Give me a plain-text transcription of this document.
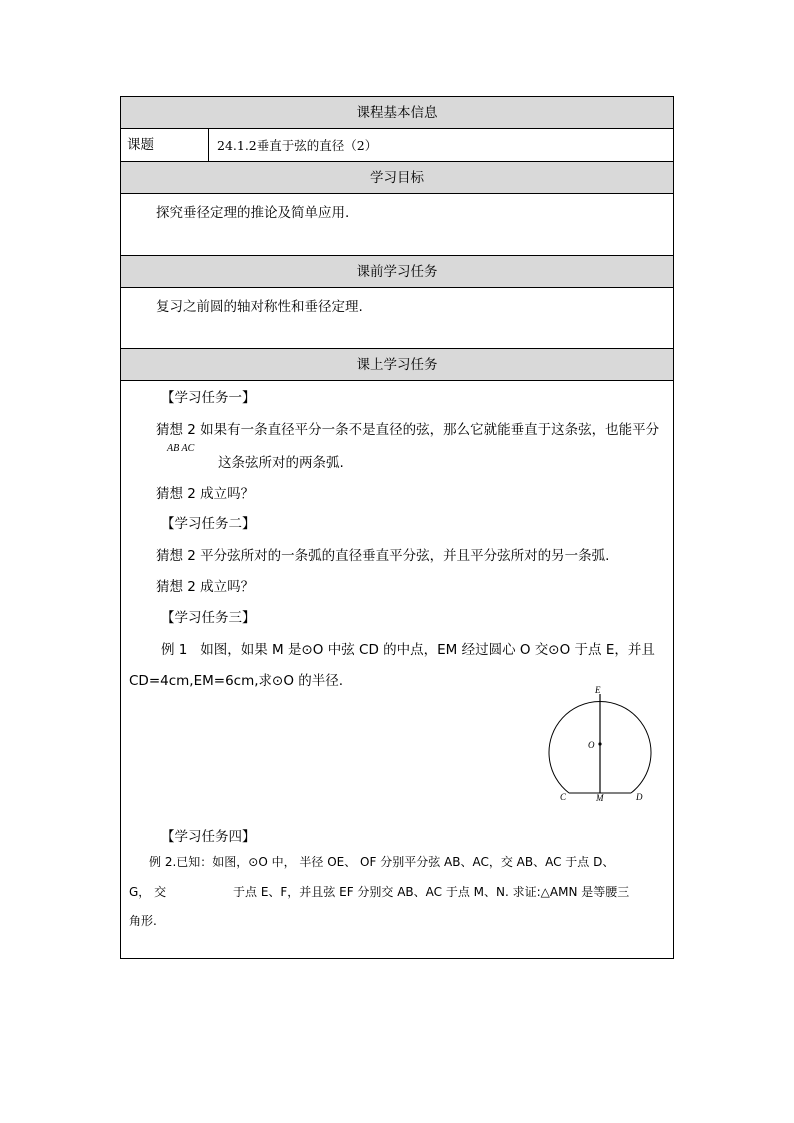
课程基本信息
课题	24.1.2垂直于弦的直径（2）
学习目标
探究垂径定理的推论及简单应用.
课前学习任务
复习之前圆的轴对称性和垂径定理.
课上学习任务
【学习任务一】
猜想 2 如果有一条直径平分一条不是直径的弦，那么它就能垂直于这条弦，也能平分
AB AC
这条弦所对的两条弧.
猜想 2 成立吗？
【学习任务二】
猜想 2 平分弦所对的一条弧的直径垂直平分弦，并且平分弦所对的另一条弧.
猜想 2 成立吗？
【学习任务三】
例 1 如图，如果 M 是⊙O 中弦 CD 的中点，EM 经过圆心 O 交⊙O 于点 E，并且
CD=4cm,EM=6cm,求⊙O 的半径.
E
O
C	M	D
【学习任务四】
例 2.已知：如图，⊙O 中， 半径 OE、 OF 分别平分弦 AB、AC，交 AB、AC 于点 D、
G， 交	于点 E、F，并且弦 EF 分别交 AB、AC 于点 M、N. 求证:△AMN 是等腰三
角形.
